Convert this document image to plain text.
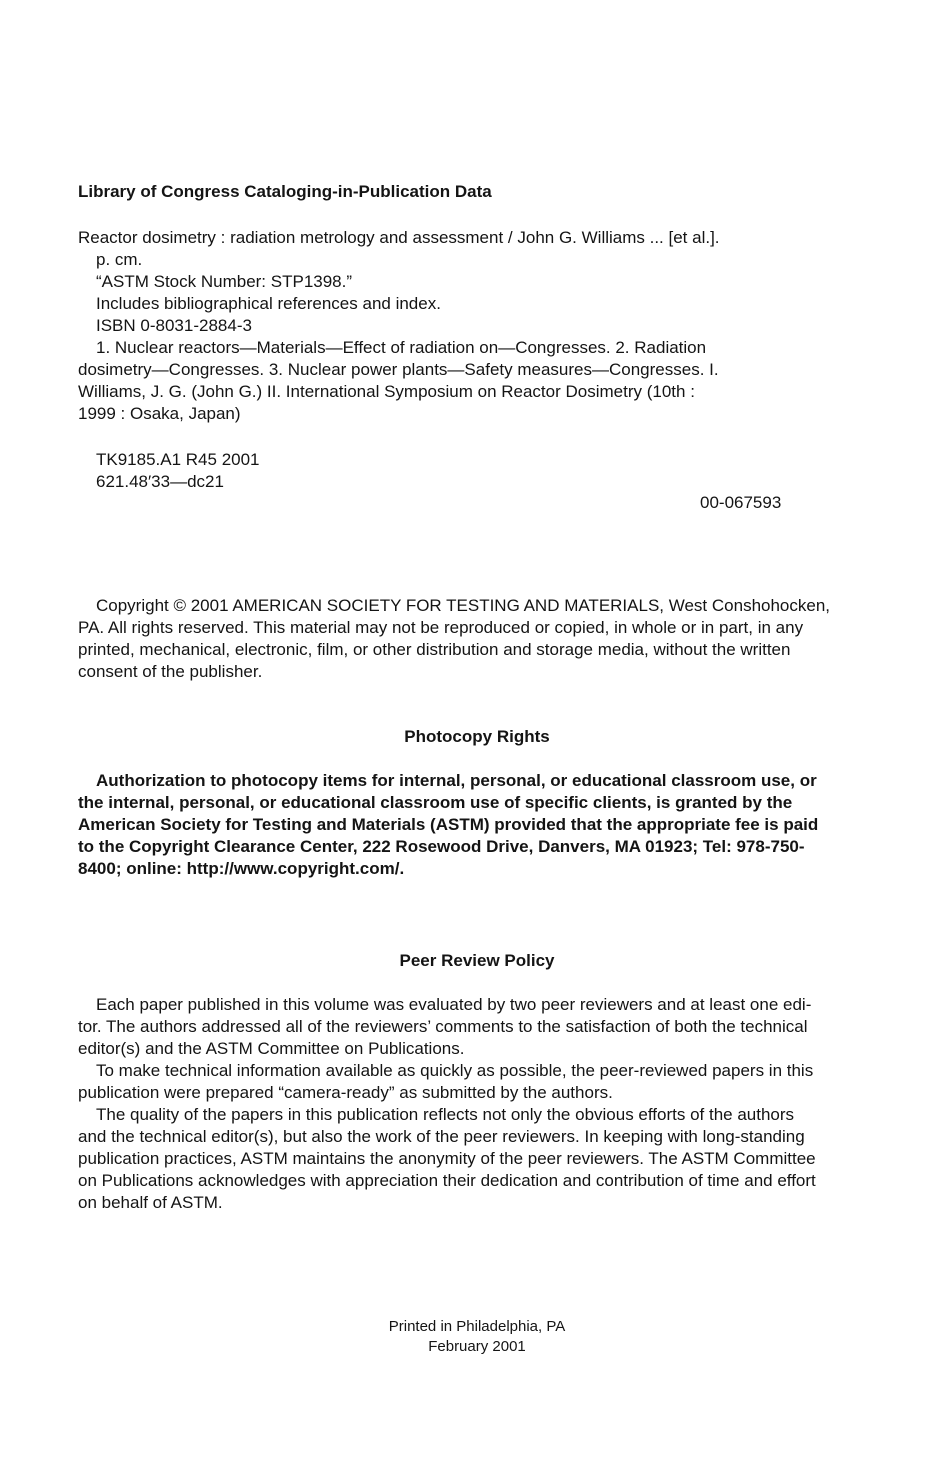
Library of Congress Cataloging-in-Publication Data
Reactor dosimetry : radiation metrology and assessment / John G. Williams ... [et al.].
p. cm.
“ASTM Stock Number: STP1398.”
Includes bibliographical references and index.
ISBN 0-8031-2884-3
1. Nuclear reactors—Materials—Effect of radiation on—Congresses. 2. Radiation
dosimetry—Congresses. 3. Nuclear power plants—Safety measures—Congresses. I.
Williams, J. G. (John G.) II. International Symposium on Reactor Dosimetry (10th :
1999 : Osaka, Japan)
TK9185.A1 R45 2001
621.48′33—dc21
00-067593
Copyright © 2001 AMERICAN SOCIETY FOR TESTING AND MATERIALS, West Conshohocken,
PA. All rights reserved. This material may not be reproduced or copied, in whole or in part, in any
printed, mechanical, electronic, film, or other distribution and storage media, without the written
consent of the publisher.
Photocopy Rights
Authorization to photocopy items for internal, personal, or educational classroom use, or
the internal, personal, or educational classroom use of specific clients, is granted by the
American Society for Testing and Materials (ASTM) provided that the appropriate fee is paid
to the Copyright Clearance Center, 222 Rosewood Drive, Danvers, MA 01923; Tel: 978-750-
8400; online: http://www.copyright.com/.
Peer Review Policy
Each paper published in this volume was evaluated by two peer reviewers and at least one edi-
tor. The authors addressed all of the reviewers’ comments to the satisfaction of both the technical
editor(s) and the ASTM Committee on Publications.
To make technical information available as quickly as possible, the peer-reviewed papers in this
publication were prepared “camera-ready” as submitted by the authors.
The quality of the papers in this publication reflects not only the obvious efforts of the authors
and the technical editor(s), but also the work of the peer reviewers. In keeping with long-standing
publication practices, ASTM maintains the anonymity of the peer reviewers. The ASTM Committee
on Publications acknowledges with appreciation their dedication and contribution of time and effort
on behalf of ASTM.
Printed in Philadelphia, PA
February 2001
